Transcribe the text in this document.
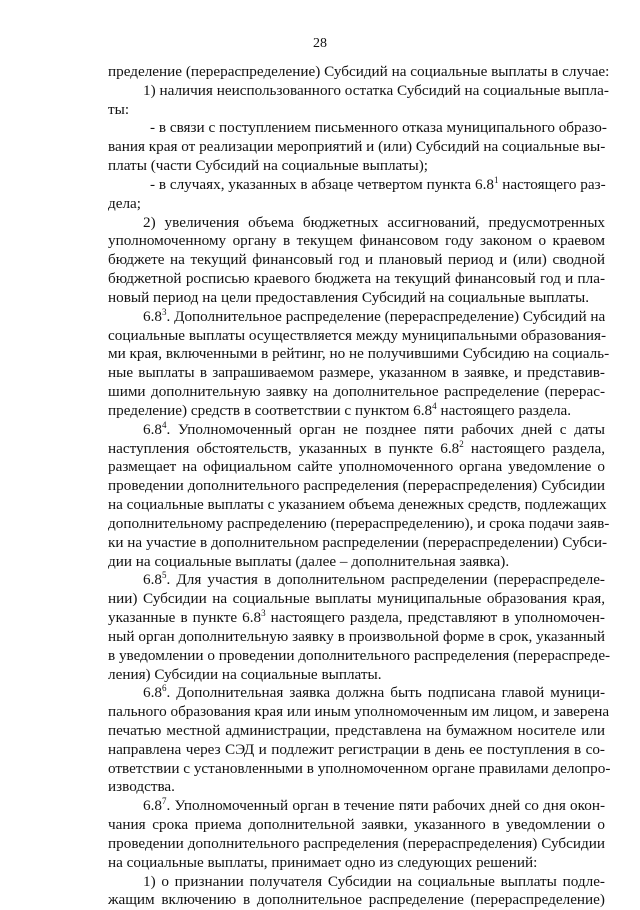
28
пределение (перераспределение) Субсидий на социальные выплаты в случае:
1) наличия неиспользованного остатка Субсидий на социальные выпла-
ты:
- в связи с поступлением письменного отказа муниципального образо-
вания края от реализации мероприятий и (или) Субсидий на социальные вы-
платы (части Субсидий на социальные выплаты);
- в случаях, указанных в абзаце четвертом пункта $6.8^1$ настоящего раз-
дела;
2) увеличения объема бюджетных ассигнований, предусмотренных
уполномоченному органу в текущем финансовом году законом о краевом
бюджете на текущий финансовый год и плановый период и (или) сводной
бюджетной росписью краевого бюджета на текущий финансовый год и пла-
новый период на цели предоставления Субсидий на социальные выплаты.
$6.8^3$. Дополнительное распределение (перераспределение) Субсидий на
социальные выплаты осуществляется между муниципальными образования-
ми края, включенными в рейтинг, но не получившими Субсидию на социаль-
ные выплаты в запрашиваемом размере, указанном в заявке, и представив-
шими дополнительную заявку на дополнительное распределение (перерас-
пределение) средств в соответствии с пунктом $6.8^4$ настоящего раздела.
$6.8^4$. Уполномоченный орган не позднее пяти рабочих дней с даты
наступления обстоятельств, указанных в пункте $6.8^2$ настоящего раздела,
размещает на официальном сайте уполномоченного органа уведомление о
проведении дополнительного распределения (перераспределения) Субсидии
на социальные выплаты с указанием объема денежных средств, подлежащих
дополнительному распределению (перераспределению), и срока подачи заяв-
ки на участие в дополнительном распределении (перераспределении) Субси-
дии на социальные выплаты (далее – дополнительная заявка).
$6.8^5$. Для участия в дополнительном распределении (перераспределе-
нии) Субсидии на социальные выплаты муниципальные образования края,
указанные в пункте $6.8^3$ настоящего раздела, представляют в уполномочен-
ный орган дополнительную заявку в произвольной форме в срок, указанный
в уведомлении о проведении дополнительного распределения (перераспреде-
ления) Субсидии на социальные выплаты.
$6.8^6$. Дополнительная заявка должна быть подписана главой муници-
пального образования края или иным уполномоченным им лицом, и заверена
печатью местной администрации, представлена на бумажном носителе или
направлена через СЭД и подлежит регистрации в день ее поступления в со-
ответствии с установленными в уполномоченном органе правилами делопро-
изводства.
$6.8^7$. Уполномоченный орган в течение пяти рабочих дней со дня окон-
чания срока приема дополнительной заявки, указанного в уведомлении о
проведении дополнительного распределения (перераспределения) Субсидии
на социальные выплаты, принимает одно из следующих решений:
1) о признании получателя Субсидии на социальные выплаты подле-
жащим включению в дополнительное распределение (перераспределение)
